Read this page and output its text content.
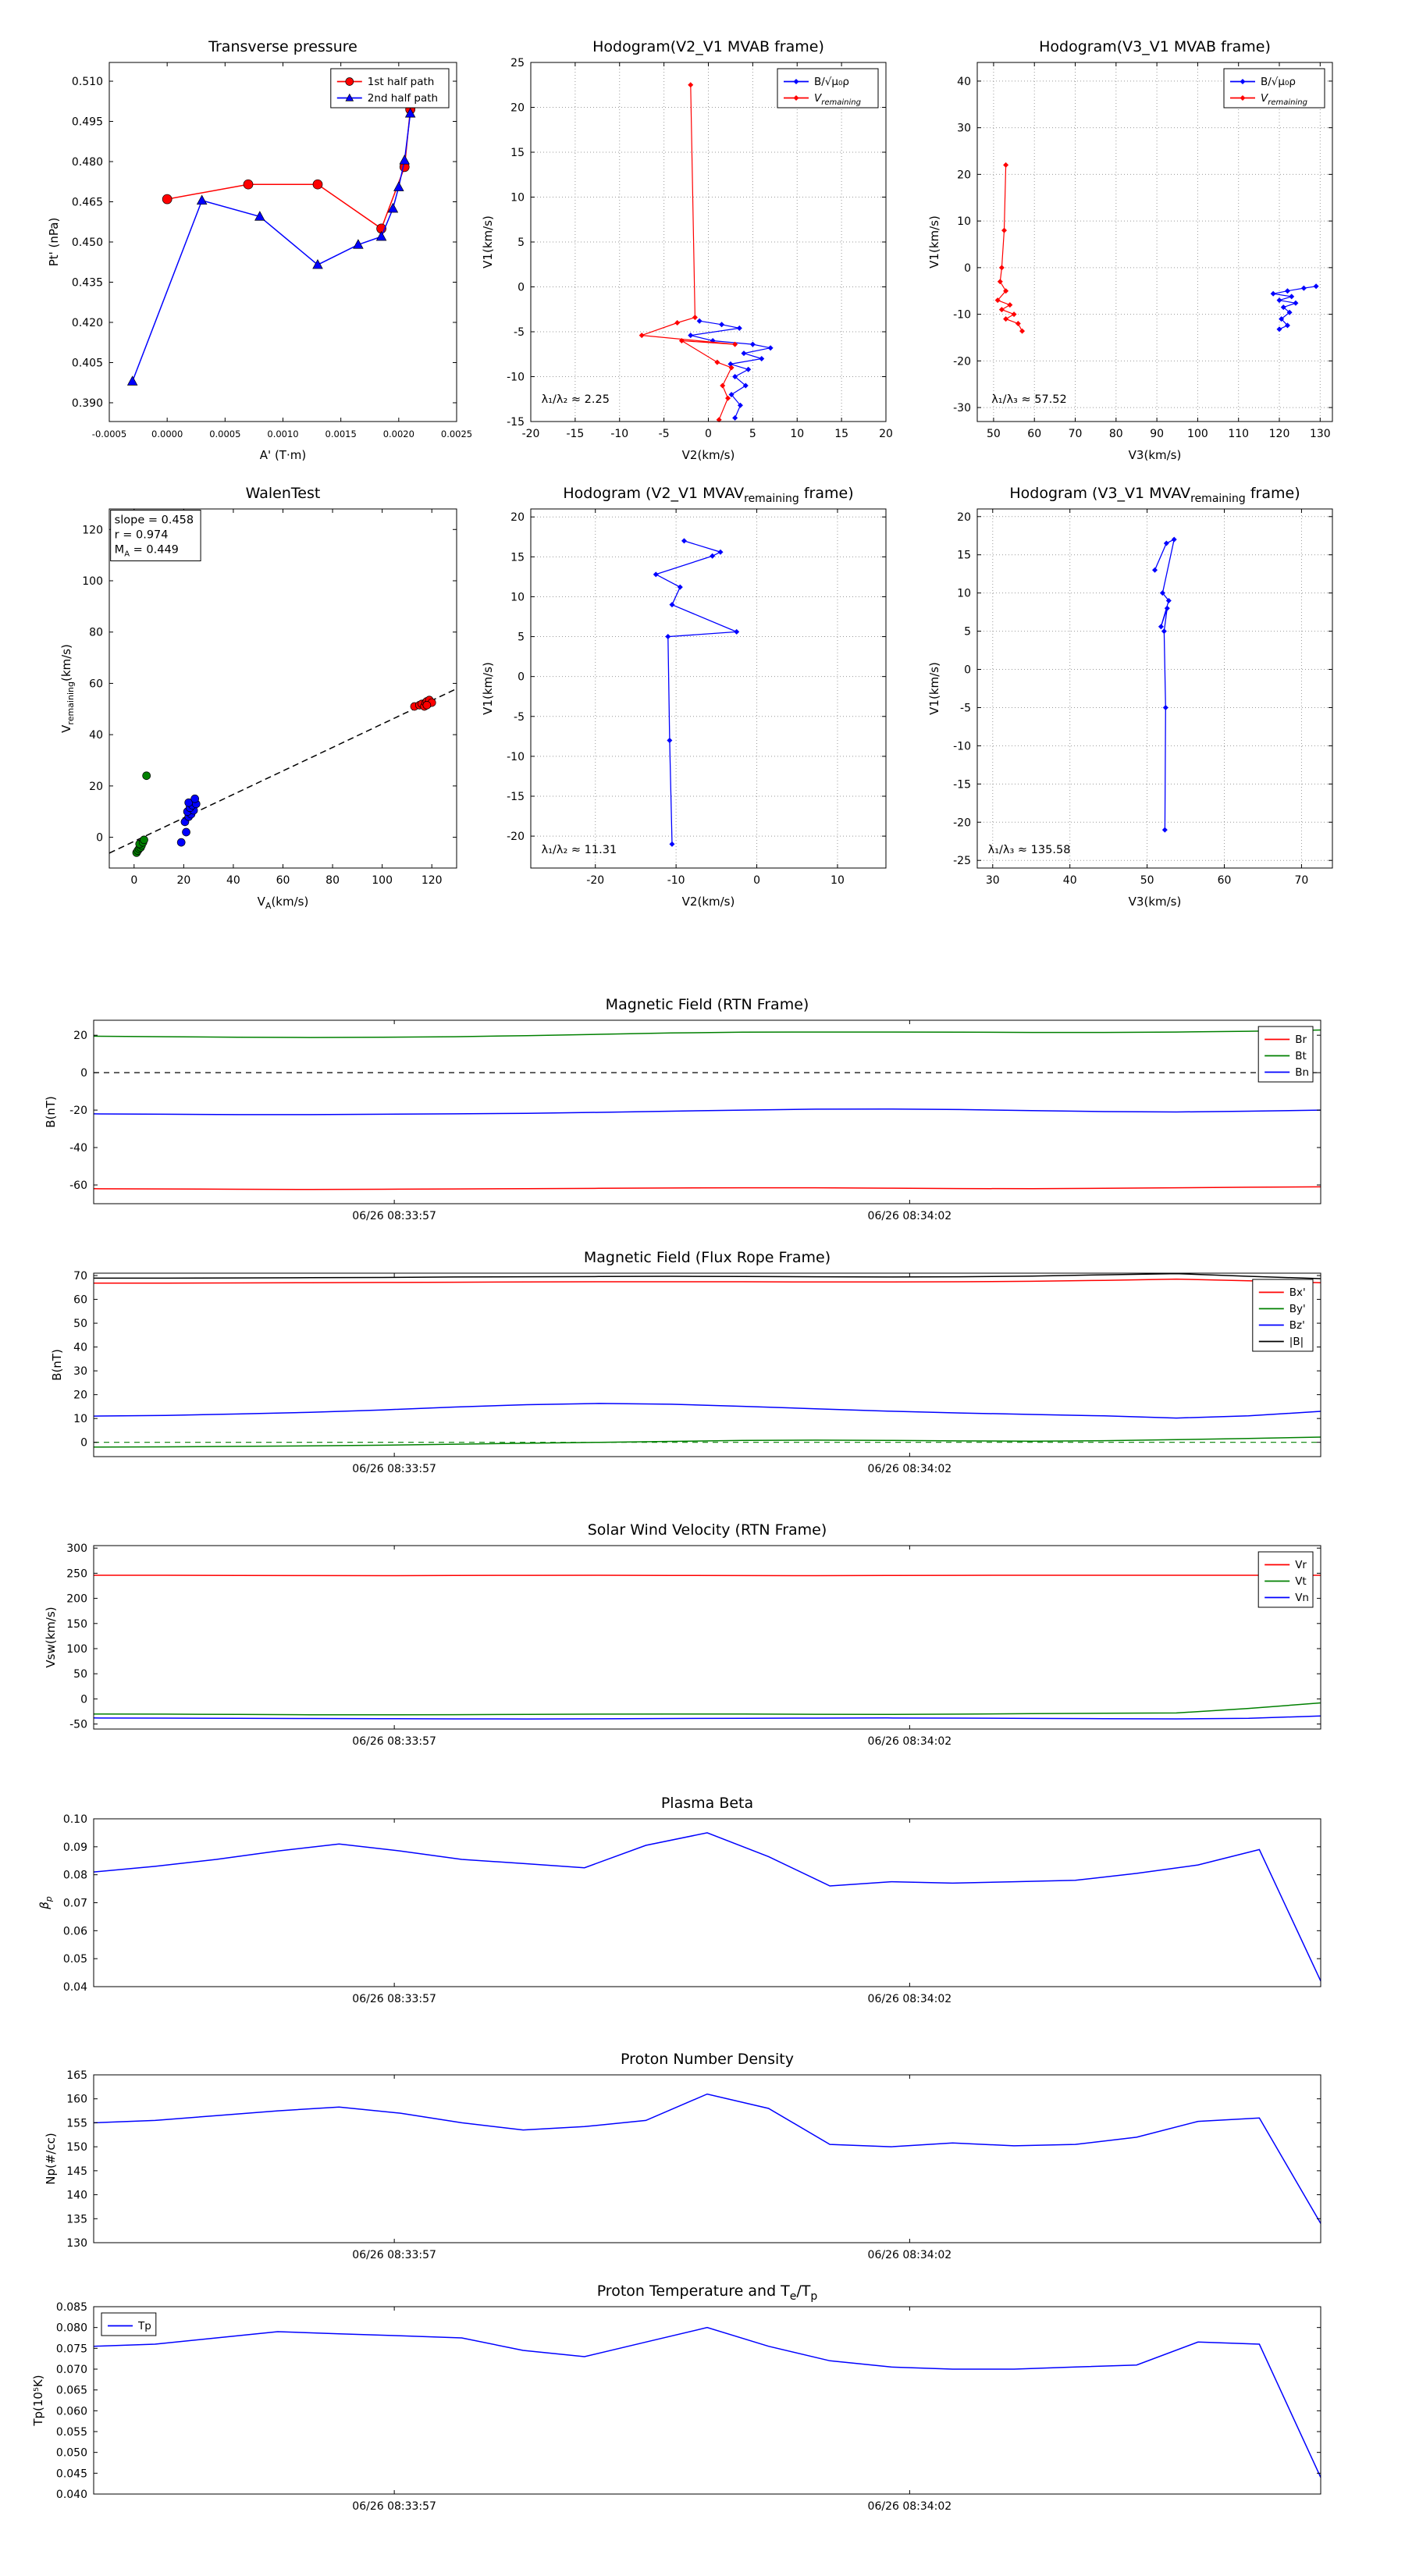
-0.0005	0.0000	0.0005	0.0010	0.0015	0.0020	0.0025
0.390
0.405
0.420
0.435
0.450
0.465
0.480
0.495
0.510
Transverse pressure
A' (T·m)
Pt' (nPa)
1st half path
2nd half path
-20 -15 -10	-5	0	5	10	15	20
-15
-10
-5
0
5
10
15
20
25
Hodogram(V2_V1 MVAB frame)
V2(km/s)
V1(km/s)
B/√μ₀ρ
$V_{remaining}$
λ₁/λ₂ ≈ 2.25
50 60 70 80 90 100 110 120 130
-30
-20
-10
0
10
20
30
40
Hodogram(V3_V1 MVAB frame)
V3(km/s)
V1(km/s)
B/√μ₀ρ
$V_{remaining}$
λ₁/λ₃ ≈ 57.52
0	20	40	60	80	100	120
0
20
40
60
80
100
120
WalenTest
$V_A(km/s)$
$V_{remaining}(km/s)$
slope = 0.458
r = 0.974
$M_A = 0.449$
-20	-10	0	10
-20
-15
-10
-5
0
5
10
15
20
Hodogram (V2_V1 $MVAV_{remaining}$ frame)
V2(km/s)
V1(km/s)
λ₁/λ₂ ≈ 11.31
30	40	50	60	70
-25
-20
-15
-10
-5
0
5
10
15
20
Hodogram (V3_V1 $MVAV_{remaining}$ frame)
V3(km/s)
V1(km/s)
λ₁/λ₃ ≈ 135.58
06/26 08:33:57	06/26 08:34:02
-60
-40
-20
0
20
Magnetic Field (RTN Frame)
B(nT)
Br
Bt
Bn
06/26 08:33:57	06/26 08:34:02
0
10
20
30
40
50
60
70
Magnetic Field (Flux Rope Frame)
B(nT)
Bx'
By'
Bz'
|B|
06/26 08:33:57	06/26 08:34:02
-50
0
50
100
150
200
250
300
Solar Wind Velocity (RTN Frame)
Vsw(km/s)
Vr
Vt
Vn
06/26 08:33:57	06/26 08:34:02
0.04
0.05
0.06
0.07
0.08
0.09
0.10
Plasma Beta
$\beta_p$
06/26 08:33:57	06/26 08:34:02
130
135
140
145
150
155
160
165
Proton Number Density
Np(#/cc)
06/26 08:33:57	06/26 08:34:02
0.040
0.045
0.050
0.055
0.060
0.065
0.070
0.075
0.080
0.085
Proton Temperature and $T_e/T_p$
Tp(10⁵K)
Tp
